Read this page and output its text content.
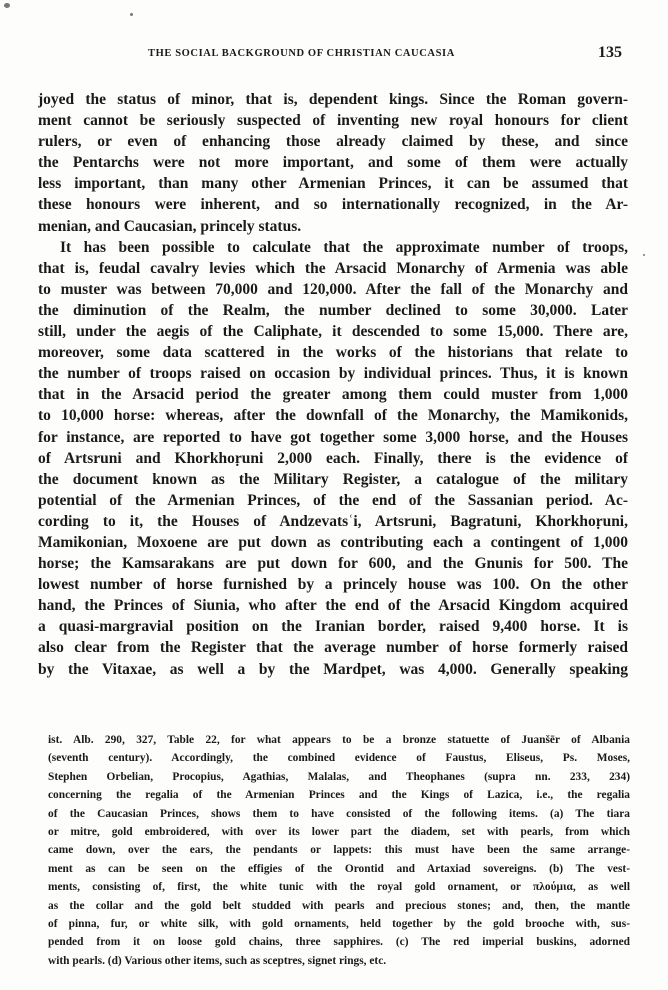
THE SOCIAL BACKGROUND OF CHRISTIAN CAUCASIA	135
joyed the status of minor, that is, dependent kings. Since the Roman govern-
ment cannot be seriously suspected of inventing new royal honours for client
rulers, or even of enhancing those already claimed by these, and since
the Pentarchs were not more important, and some of them were actually
less important, than many other Armenian Princes, it can be assumed that
these honours were inherent, and so internationally recognized, in the Ar-
menian, and Caucasian, princely status.
It has been possible to calculate that the approximate number of troops,
that is, feudal cavalry levies which the Arsacid Monarchy of Armenia was able
to muster was between 70,000 and 120,000. After the fall of the Monarchy and
the diminution of the Realm, the number declined to some 30,000. Later
still, under the aegis of the Caliphate, it descended to some 15,000. There are,
moreover, some data scattered in the works of the historians that relate to
the number of troops raised on occasion by individual princes. Thus, it is known
that in the Arsacid period the greater among them could muster from 1,000
to 10,000 horse: whereas, after the downfall of the Monarchy, the Mamikonids,
for instance, are reported to have got together some 3,000 horse, and the Houses
of Artsruni and Khorkhoṛuni 2,000 each. Finally, there is the evidence of
the document known as the Military Register, a catalogue of the military
potential of the Armenian Princes, of the end of the Sassanian period. Ac-
cording to it, the Houses of Andzevatsʿi, Artsruni, Bagratuni, Khorkhoṛuni,
Mamikonian, Moxoene are put down as contributing each a contingent of 1,000
horse; the Kamsarakans are put down for 600, and the Gnunis for 500. The
lowest number of horse furnished by a princely house was 100. On the other
hand, the Princes of Siunia, who after the end of the Arsacid Kingdom acquired
a quasi-margravial position on the Iranian border, raised 9,400 horse. It is
also clear from the Register that the average number of horse formerly raised
by the Vitaxae, as well a by the Mardpet, was 4,000. Generally speaking
ist. Alb. 290, 327, Table 22, for what appears to be a bronze statuette of Juanšēr of Albania
(seventh century). Accordingly, the combined evidence of Faustus, Eliseus, Ps. Moses,
Stephen Orbelian, Procopius, Agathias, Malalas, and Theophanes (supra nn. 233, 234)
concerning the regalia of the Armenian Princes and the Kings of Lazica, i.e., the regalia
of the Caucasian Princes, shows them to have consisted of the following items. (a) The tiara
or mitre, gold embroidered, with over its lower part the diadem, set with pearls, from which
came down, over the ears, the pendants or lappets: this must have been the same arrange-
ment as can be seen on the effigies of the Orontid and Artaxiad sovereigns. (b) The vest-
ments, consisting of, first, the white tunic with the royal gold ornament, or πλούμια, as well
as the collar and the gold belt studded with pearls and precious stones; and, then, the mantle
of pinna, fur, or white silk, with gold ornaments, held together by the gold brooche with, sus-
pended from it on loose gold chains, three sapphires. (c) The red imperial buskins, adorned
with pearls. (d) Various other items, such as sceptres, signet rings, etc.
